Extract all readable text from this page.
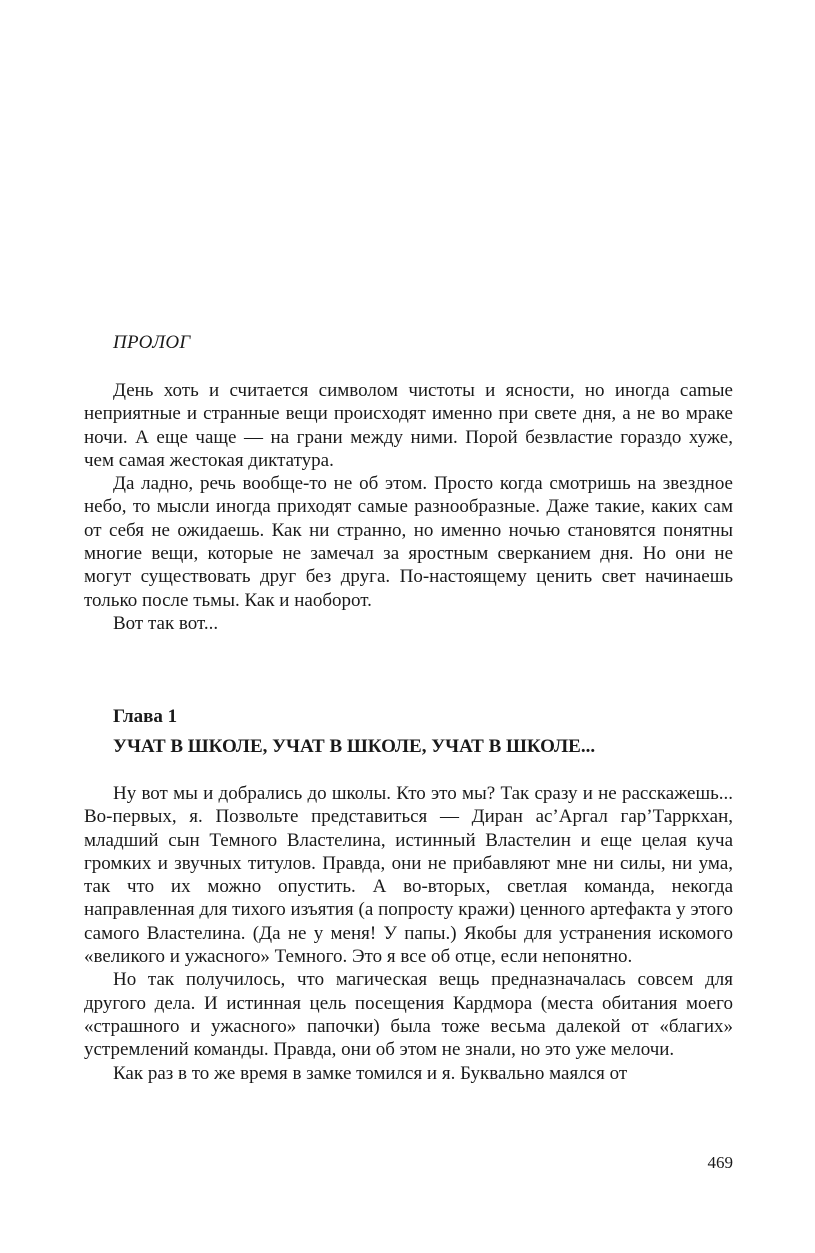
ПРОЛОГ

День хоть и считается символом чистоты и ясности, но иногда саmые неприятные и странные вещи происходят именно при свете дня, а не во мраке ночи. А еще чаще — на грани между ними. Порой безвластие гораздо хуже, чем самая жестокая диктатура.

Да ладно, речь вообще-то не об этом. Просто когда смотришь на звездное небо, то мысли иногда приходят самые разнообразные. Даже такие, каких сам от себя не ожидаешь. Как ни странно, но именно ночью становятся понятны многие вещи, которые не замечал за яростным сверканием дня. Но они не могут существовать друг без друга. По-настоящему ценить свет начинаешь только после тьмы. Как и наоборот.

Вот так вот...

Глава 1
УЧАТ В ШКОЛЕ, УЧАТ В ШКОЛЕ, УЧАТ В ШКОЛЕ...

Ну вот мы и добрались до школы. Кто это мы? Так сразу и не расскажешь... Во-первых, я. Позвольте представиться — Диран ас’Аргал гар’Тарркхан, младший сын Темного Властелина, истинный Властелин и еще целая куча громких и звучных титулов. Правда, они не прибавляют мне ни силы, ни ума, так что их можно опустить. А во-вторых, светлая команда, некогда направленная для тихого изъятия (а попросту кражи) ценного артефакта у этого самого Властелина. (Да не у меня! У папы.) Якобы для устранения искомого «великого и ужасного» Темного. Это я все об отце, если непонятно.

Но так получилось, что магическая вещь предназначалась совсем для другого дела. И истинная цель посещения Кардмора (места обитания моего «страшного и ужасного» папочки) была тоже весьма далекой от «благих» устремлений команды. Правда, они об этом не знали, но это уже мелочи.

Как раз в то же время в замке томился и я. Буквально маялся от

469
